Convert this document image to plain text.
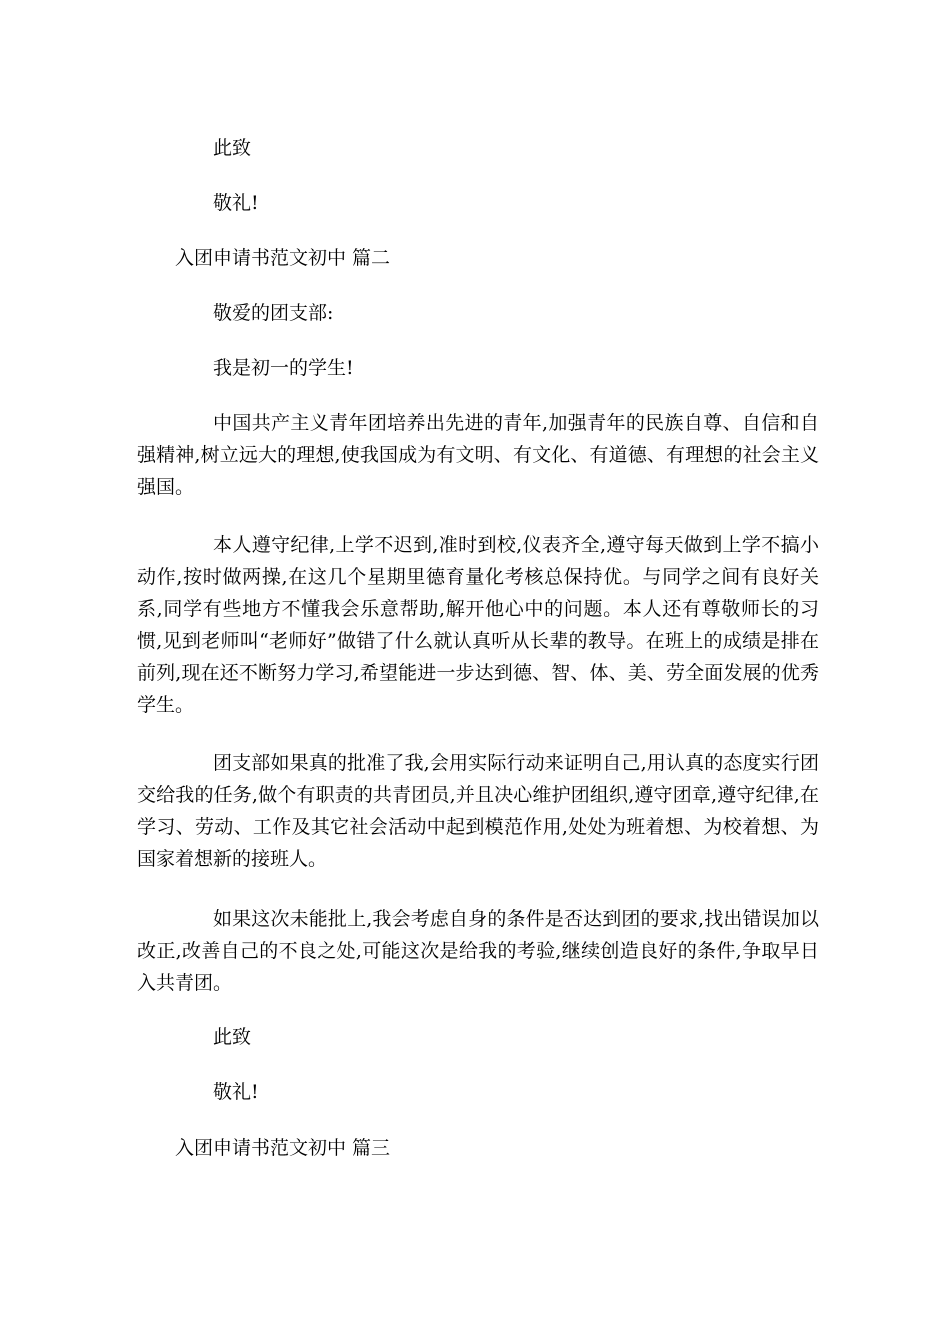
此致

敬礼!

入团申请书范文初中 篇二

敬爱的团支部:

我是初一的学生!

中国共产主义青年团培养出先进的青年,加强青年的民族自尊、自信和自强精神,树立远大的理想,使我国成为有文明、有文化、有道德、有理想的社会主义强国。

本人遵守纪律,上学不迟到,准时到校,仪表齐全,遵守每天做到上学不搞小动作,按时做两操,在这几个星期里德育量化考核总保持优。与同学之间有良好关系,同学有些地方不懂我会乐意帮助,解开他心中的问题。本人还有尊敬师长的习惯,见到老师叫“老师好”做错了什么就认真听从长辈的教导。在班上的成绩是排在前列,现在还不断努力学习,希望能进一步达到德、智、体、美、劳全面发展的优秀学生。

团支部如果真的批准了我,会用实际行动来证明自己,用认真的态度实行团交给我的任务,做个有职责的共青团员,并且决心维护团组织,遵守团章,遵守纪律,在学习、劳动、工作及其它社会活动中起到模范作用,处处为班着想、为校着想、为国家着想新的接班人。

如果这次未能批上,我会考虑自身的条件是否达到团的要求,找出错误加以改正,改善自己的不良之处,可能这次是给我的考验,继续创造良好的条件,争取早日入共青团。

此致

敬礼!

入团申请书范文初中 篇三
